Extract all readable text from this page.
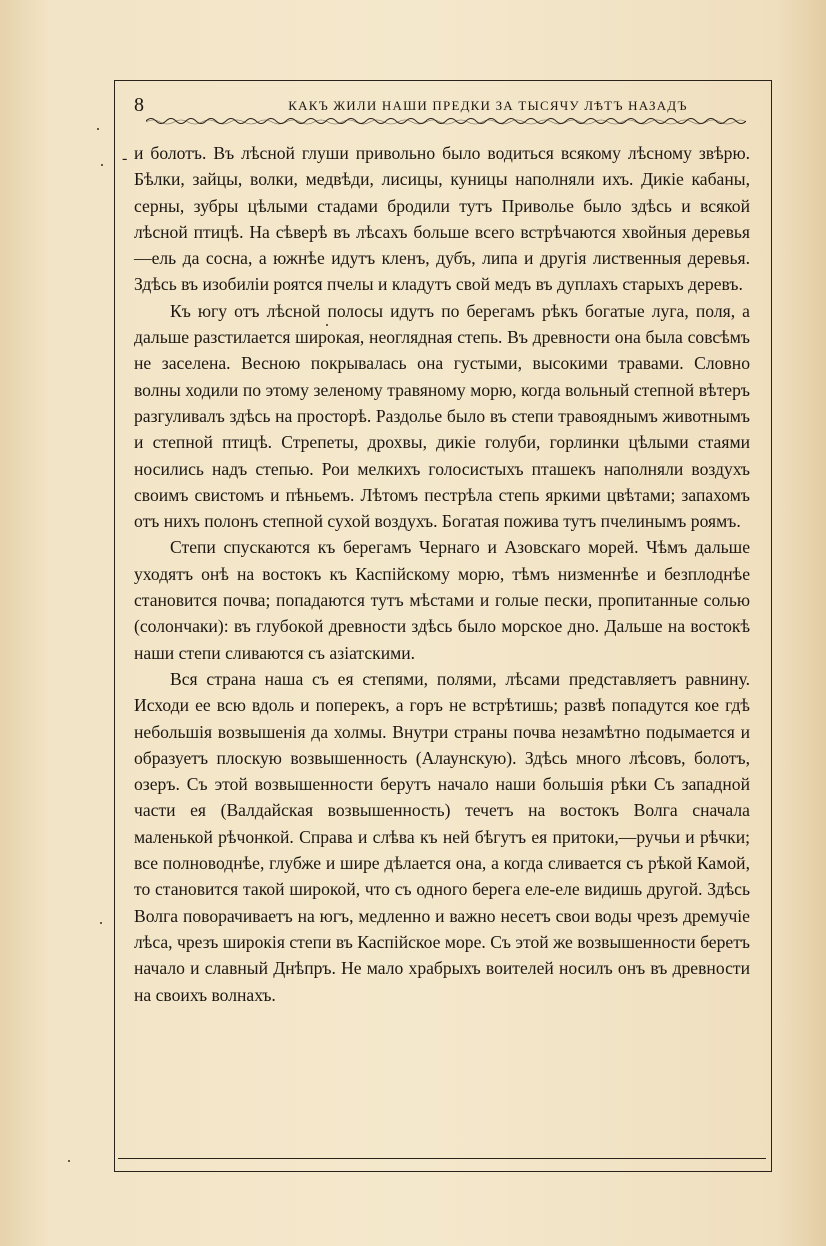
8	КАКЪ ЖИЛИ НАШИ ПРЕДКИ ЗА ТЫСЯЧУ ЛѢТЪ НАЗАДЪ
- и болотъ. Въ лѣсной глуши привольно было водиться всякому лѣсному звѣрю. Бѣлки, зайцы, волки, медвѣди, лисицы, куницы наполняли ихъ. Дикіе кабаны, серны, зубры цѣлыми стадами бродили тутъ Приволье было здѣсь и всякой лѣсной птицѣ. На сѣверѣ въ лѣсахъ больше всего встрѣчаются хвойныя деревья—ель да сосна, а южнѣе идутъ кленъ, дубъ, липа и другія лиственныя деревья. Здѣсь въ изобиліи роятся пчелы и кладутъ свой медъ въ дуплахъ старыхъ деревъ.

Къ югу отъ лѣсной полосы идутъ по берегамъ рѣкъ богатые луга, поля, а дальше разстилается широкая, неоглядная степь. Въ древности она была совсѣмъ не заселена. Весною покрывалась она густыми, высокими травами. Словно волны ходили по этому зеленому травяному морю, когда вольный степной вѣтеръ разгуливалъ здѣсь на просторѣ. Раздолье было въ степи травояднымъ животнымъ и степной птицѣ. Стрепеты, дрохвы, дикіе голуби, горлинки цѣлыми стаями носились надъ степью. Рои мелкихъ голосистыхъ пташекъ наполняли воздухъ своимъ свистомъ и пѣньемъ. Лѣтомъ пестрѣла степь яркими цвѣтами; запахомъ отъ нихъ полонъ степной сухой воздухъ. Богатая пожива тутъ пчелинымъ роямъ.

Степи спускаются къ берегамъ Чернаго и Азовскаго морей. Чѣмъ дальше уходятъ онѣ на востокъ къ Каспійскому морю, тѣмъ низменнѣе и безплоднѣе становится почва; попадаются тутъ мѣстами и голые пески, пропитанные солью (солончаки): въ глубокой древности здѣсь было морское дно. Дальше на востокѣ наши степи сливаются съ азіатскими.

Вся страна наша съ ея степями, полями, лѣсами представляетъ равнину. Исходи ее всю вдоль и поперекъ, а горъ не встрѣтишь; развѣ попадутся кое гдѣ небольшія возвышенія да холмы. Внутри страны почва незамѣтно подымается и образуетъ плоскую возвышенность (Алаунскую). Здѣсь много лѣсовъ, болотъ, озеръ. Съ этой возвышенности берутъ начало наши большія рѣки Съ западной части ея (Валдайская возвышенность) течетъ на востокъ Волга сначала маленькой рѣчонкой. Справа и слѣва къ ней бѣгутъ ея притоки,—ручьи и рѣчки; все полноводнѣе, глубже и шире дѣлается она, а когда сливается съ рѣкой Камой, то становится такой широкой, что съ одного берега еле-еле видишь другой. Здѣсь Волга поворачиваетъ на югъ, медленно и важно несетъ свои воды чрезъ дремучіе лѣса, чрезъ широкія степи въ Каспійское море. Съ этой же возвышенности беретъ начало и славный Днѣпръ. Не мало храбрыхъ воителей носилъ онъ въ древности на своихъ волнахъ.
